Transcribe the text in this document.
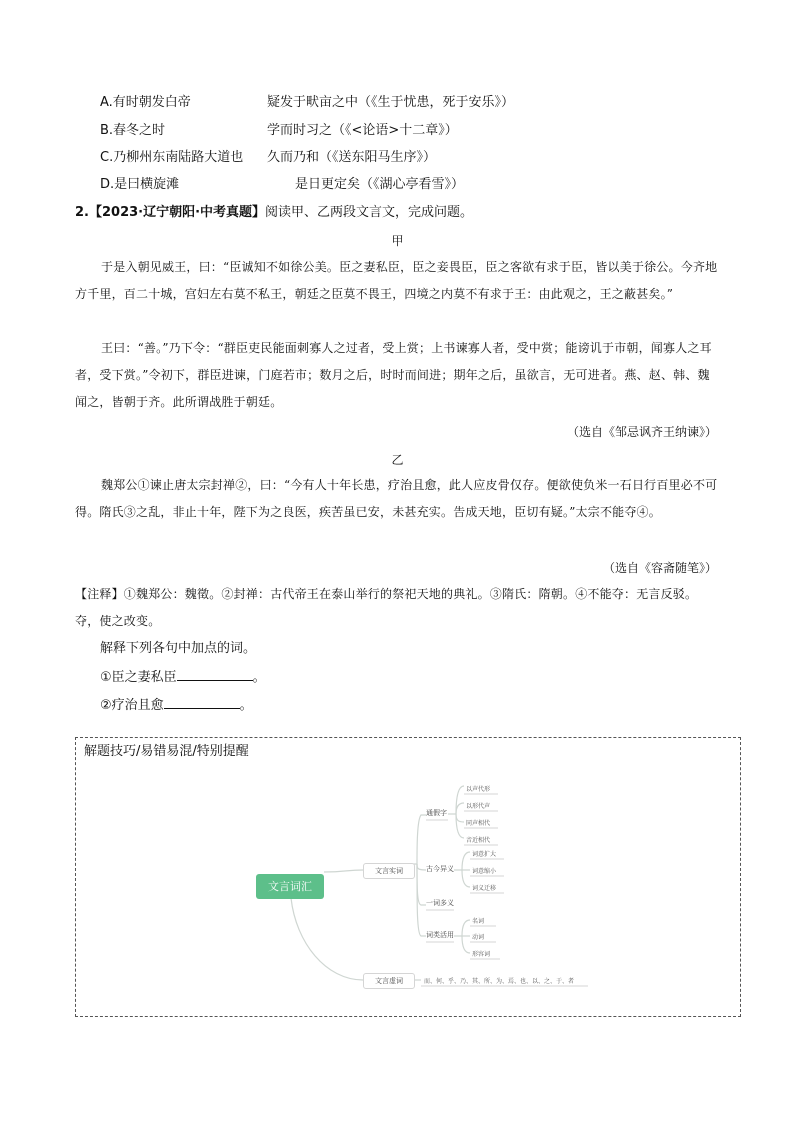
A.有时朝发白帝	疑发于畎亩之中（《生于忧患，死于安乐》）
B.春冬之时	学而时习之（《<论语>十二章》）
C.乃柳州东南陆路大道也 久而乃和（《送东阳马生序》）
D.是曰横旋滩	是日更定矣（《湖心亭看雪》）
2.【2023·辽宁朝阳·中考真题】阅读甲、乙两段文言文，完成问题。
甲
于是入朝见威王，曰：“臣诚知不如徐公美。臣之妻私臣，臣之妾畏臣，臣之客欲有求于臣，皆以美于徐公。今齐地方千里，百二十城，宫妇左右莫不私王，朝廷之臣莫不畏王，四境之内莫不有求于王：由此观之，王之蔽甚矣。”
王曰：“善。”乃下令：“群臣吏民能面刺寡人之过者，受上赏；上书谏寡人者，受中赏；能谤讥于市朝，闻寡人之耳者，受下赏。”令初下，群臣进谏，门庭若市；数月之后，时时而间进；期年之后，虽欲言，无可进者。燕、赵、韩、魏闻之，皆朝于齐。此所谓战胜于朝廷。
（选自《邹忌讽齐王纳谏》）
乙
魏郑公①谏止唐太宗封禅②，曰：“今有人十年长患，疗治且愈，此人应皮骨仅存。便欲使负米一石日行百里必不可得。隋氏③之乱，非止十年，陛下为之良医，疾苦虽已安，未甚充实。告成天地，臣切有疑。”太宗不能夺④。
（选自《容斋随笔》）
【注释】①魏郑公：魏徵。②封禅：古代帝王在泰山举行的祭祀天地的典礼。③隋氏：隋朝。④不能夺：无言反驳。夺，使之改变。
解释下列各句中加点的词。
①臣之妻私臣	。
②疗治且愈	。
解题技巧/易错易混/特别提醒
文言词汇
文言实词
文言虚词
通假字
古今异义
一词多义
词类活用
以声代形
以形代声
同声相代
音近相代
词意扩大
词意缩小
词义迁移
名词
动词
形容词
而、何、乎、乃、其、所、为、焉、也、以、之、于、者
